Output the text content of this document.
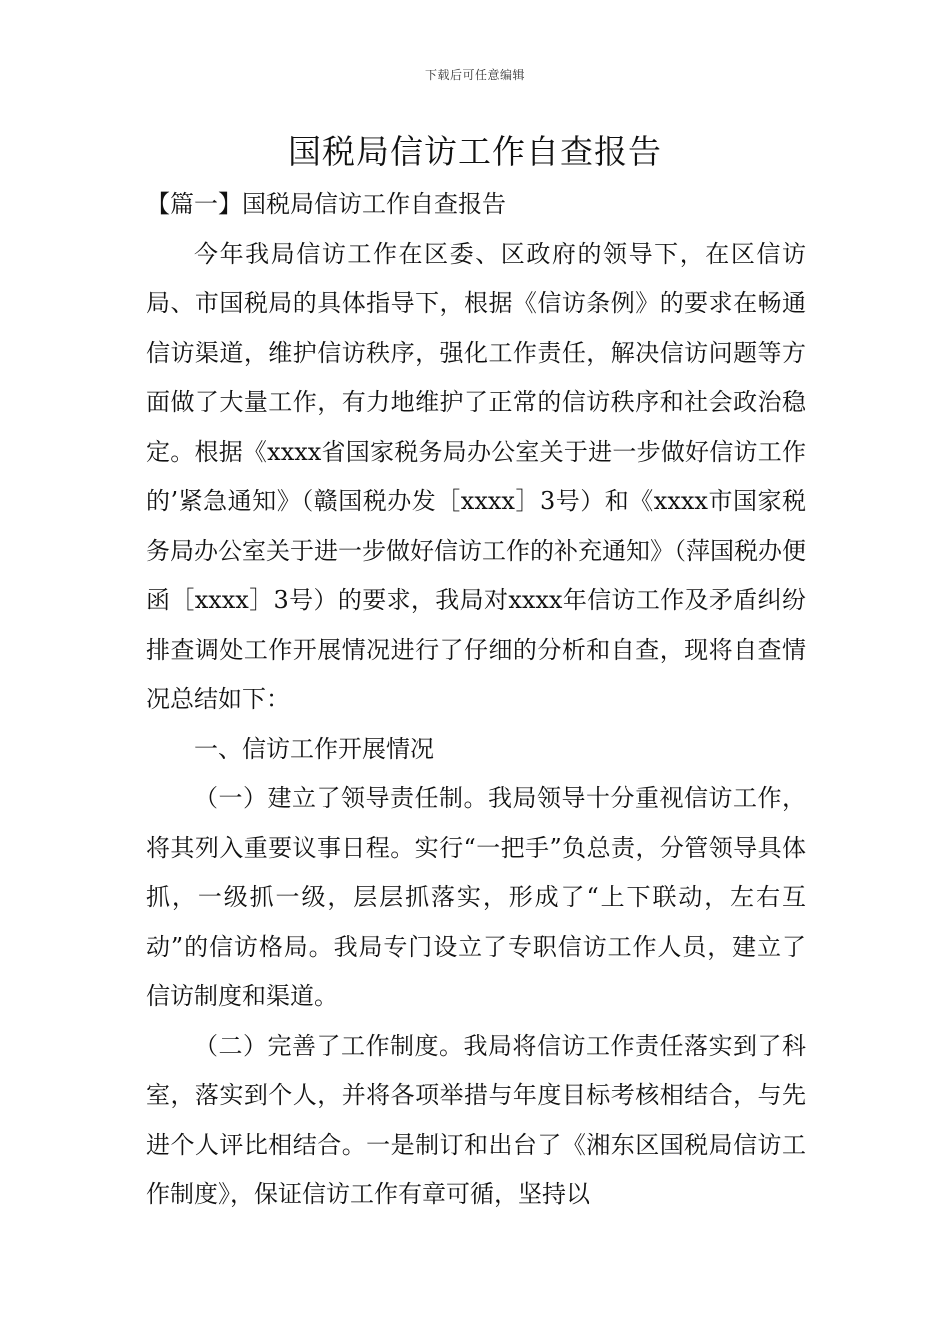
下载后可任意编辑
国税局信访工作自查报告

【篇一】国税局信访工作自查报告

今年我局信访工作在区委、区政府的领导下，在区信访局、市国税局的具体指导下，根据《信访条例》的要求在畅通信访渠道，维护信访秩序，强化工作责任，解决信访问题等方面做了大量工作，有力地维护了正常的信访秩序和社会政治稳定。根据《xxxx省国家税务局办公室关于进一步做好信访工作的’紧急通知》（赣国税办发［xxxx］3号）和《xxxx市国家税务局办公室关于进一步做好信访工作的补充通知》（萍国税办便函［xxxx］3号）的要求，我局对xxxx年信访工作及矛盾纠纷排查调处工作开展情况进行了仔细的分析和自查，现将自查情况总结如下：

一、信访工作开展情况

（一）建立了领导责任制。我局领导十分重视信访工作，将其列入重要议事日程。实行“一把手”负总责，分管领导具体抓，一级抓一级，层层抓落实，形成了“上下联动，左右互动”的信访格局。我局专门设立了专职信访工作人员，建立了信访制度和渠道。

（二）完善了工作制度。我局将信访工作责任落实到了科室，落实到个人，并将各项举措与年度目标考核相结合，与先进个人评比相结合。一是制订和出台了《湘东区国税局信访工作制度》，保证信访工作有章可循，坚持以
